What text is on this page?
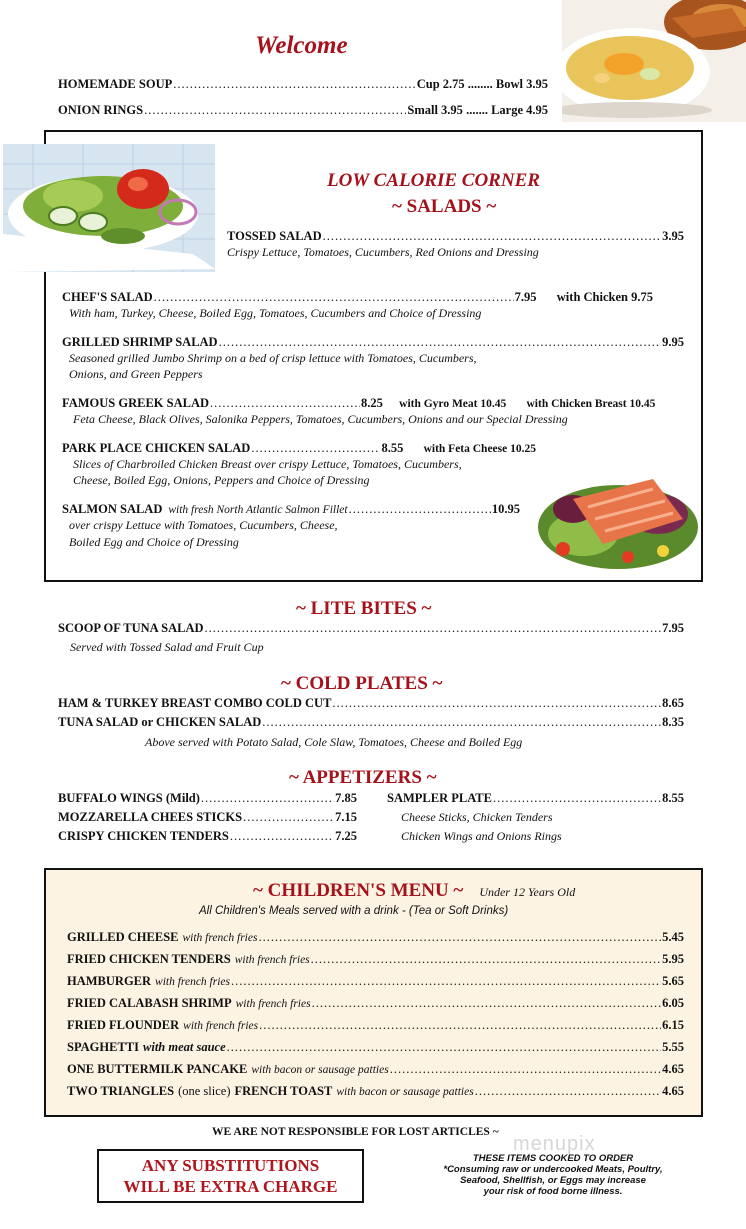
Welcome
HOMEMADE SOUP .....	Cup 2.75 ........ Bowl 3.95
ONION RINGS .....	Small 3.95 ....... Large 4.95
LOW CALORIE CORNER
~ SALADS ~
TOSSED SALAD .....	3.95
Crispy Lettuce, Tomatoes, Cucumbers, Red Onions and Dressing
CHEF'S SALAD .....	7.95 with Chicken 9.75
With ham, Turkey, Cheese, Boiled Egg, Tomatoes, Cucumbers and Choice of Dressing
GRILLED SHRIMP SALAD .....	9.95
Seasoned grilled Jumbo Shrimp on a bed of crisp lettuce with Tomatoes, Cucumbers,
Onions, and Green Peppers
FAMOUS GREEK SALAD .....	8.25 with Gyro Meat 10.45 with Chicken Breast 10.45
Feta Cheese, Black Olives, Salonika Peppers, Tomatoes, Cucumbers, Onions and our Special Dressing
PARK PLACE CHICKEN SALAD .....	8.55 with Feta Cheese 10.25
Slices of Charbroiled Chicken Breast over crispy Lettuce, Tomatoes, Cucumbers,
Cheese, Boiled Egg, Onions, Peppers and Choice of Dressing
SALMON SALAD with fresh North Atlantic Salmon Fillet .....	10.95
over crispy Lettuce with Tomatoes, Cucumbers, Cheese,
Boiled Egg and Choice of Dressing
~ LITE BITES ~
SCOOP OF TUNA SALAD .....	7.95
Served with Tossed Salad and Fruit Cup
~ COLD PLATES ~
HAM & TURKEY BREAST COMBO COLD CUT .....	8.65
TUNA SALAD or CHICKEN SALAD .....	8.35
Above served with Potato Salad, Cole Slaw, Tomatoes, Cheese and Boiled Egg
~ APPETIZERS ~
BUFFALO WINGS (Mild) .....	7.85
MOZZARELLA CHEES STICKS .....	7.15
CRISPY CHICKEN TENDERS .....	7.25
SAMPLER PLATE .....	8.55
Cheese Sticks, Chicken Tenders
Chicken Wings and Onions Rings
~ CHILDREN'S MENU ~ Under 12 Years Old
All Children's Meals served with a drink - (Tea or Soft Drinks)
GRILLED CHEESE with french fries .....	5.45
FRIED CHICKEN TENDERS with french fries .....	5.95
HAMBURGER with french fries .....	5.65
FRIED CALABASH SHRIMP with french fries .....	6.05
FRIED FLOUNDER with french fries .....	6.15
SPAGHETTI with meat sauce .....	5.55
ONE BUTTERMILK PANCAKE with bacon or sausage patties .....	4.65
TWO TRIANGLES (one slice) FRENCH TOAST with bacon or sausage patties .....	4.65
WE ARE NOT RESPONSIBLE FOR LOST ARTICLES ~
menupix
ANY SUBSTITUTIONS
WILL BE EXTRA CHARGE
THESE ITEMS COOKED TO ORDER
*Consuming raw or undercooked Meats, Poultry,
Seafood, Shellfish, or Eggs may increase
your risk of food borne illness.
